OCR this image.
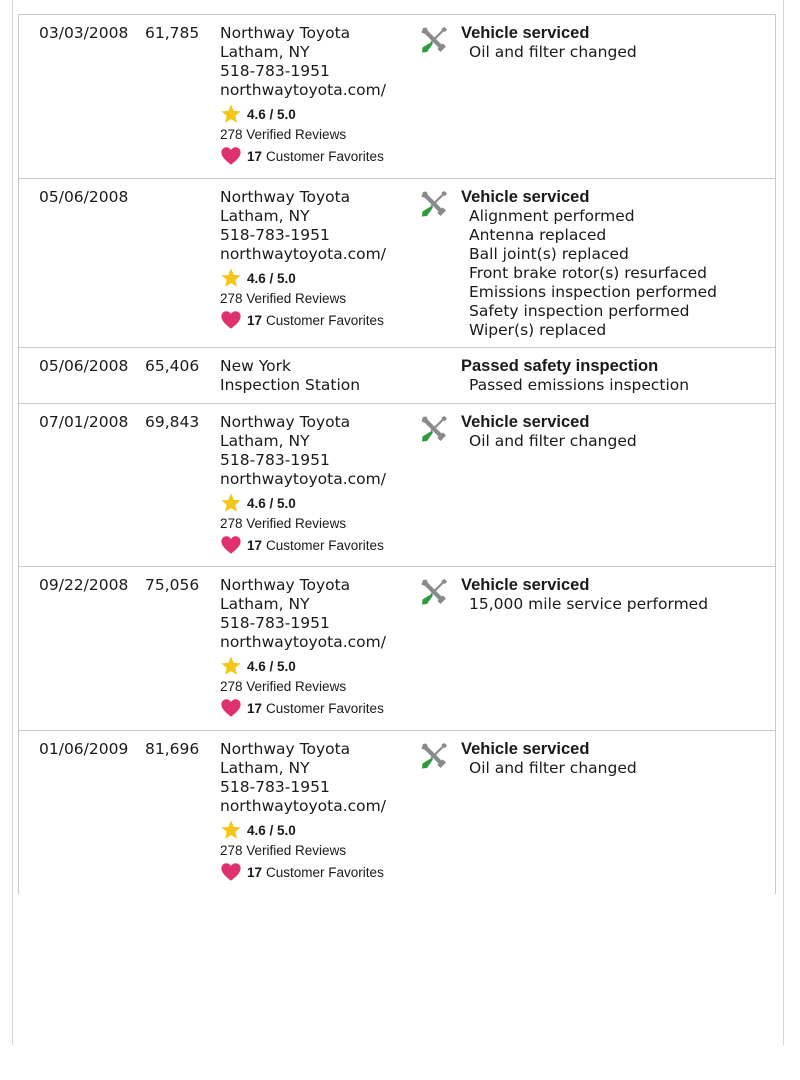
03/03/2008 61,785 Northway Toyota
Latham, NY
518-783-1951
northwaytoyota.com/
4.6 / 5.0
278 Verified Reviews
17 Customer Favorites
Vehicle serviced
Oil and filter changed
05/06/2008	Northway Toyota
Latham, NY
518-783-1951
northwaytoyota.com/
4.6 / 5.0
278 Verified Reviews
17 Customer Favorites
Vehicle serviced
Alignment performed
Antenna replaced
Ball joint(s) replaced
Front brake rotor(s) resurfaced
Emissions inspection performed
Safety inspection performed
Wiper(s) replaced
05/06/2008 65,406 New York
Inspection Station
Passed safety inspection
Passed emissions inspection
07/01/2008 69,843 Northway Toyota
Latham, NY
518-783-1951
northwaytoyota.com/
4.6 / 5.0
278 Verified Reviews
17 Customer Favorites
Vehicle serviced
Oil and filter changed
09/22/2008 75,056 Northway Toyota
Latham, NY
518-783-1951
northwaytoyota.com/
4.6 / 5.0
278 Verified Reviews
17 Customer Favorites
Vehicle serviced
15,000 mile service performed
01/06/2009 81,696 Northway Toyota
Latham, NY
518-783-1951
northwaytoyota.com/
4.6 / 5.0
278 Verified Reviews
17 Customer Favorites
Vehicle serviced
Oil and filter changed
